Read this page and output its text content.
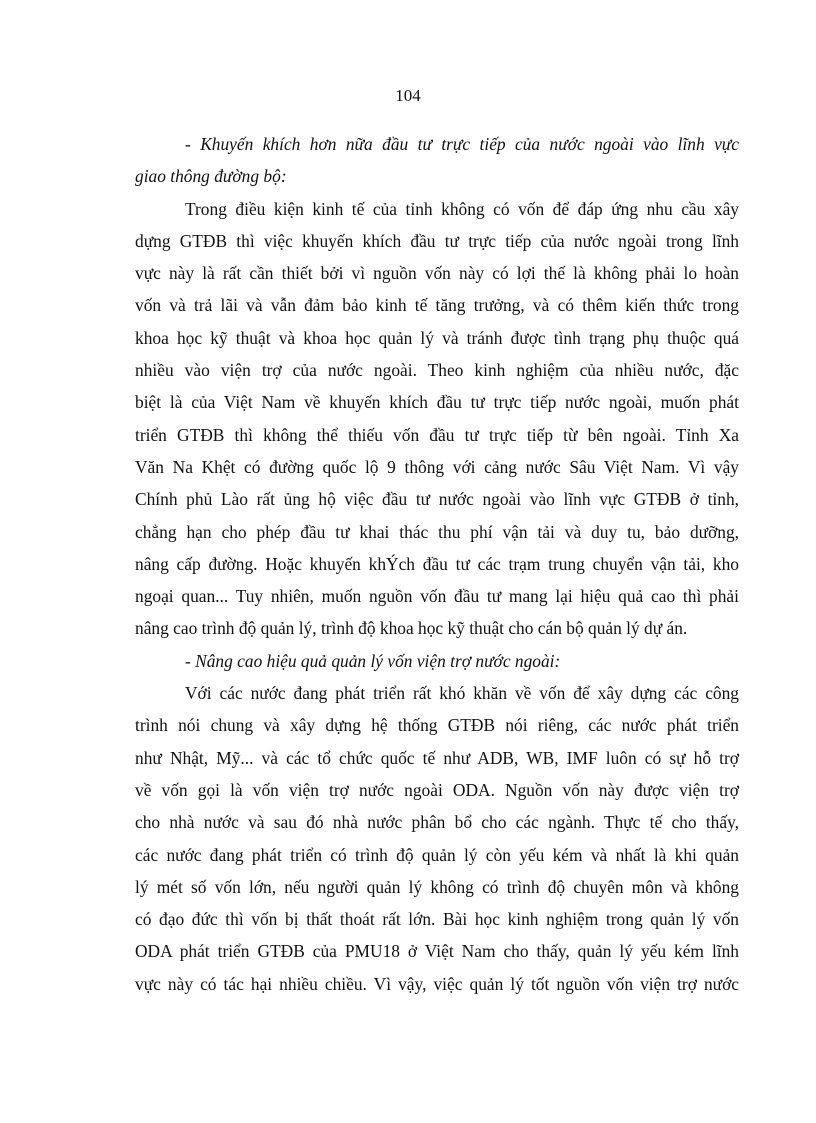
104

- Khuyến khích hơn nữa đầu tư trực tiếp của nước ngoài vào lĩnh vực
giao thông đường bộ:

Trong điều kiện kinh tế của tỉnh không có vốn để đáp ứng nhu cầu xây
dựng GTĐB thì việc khuyến khích đầu tư trực tiếp của nước ngoài trong lĩnh
vực này là rất cần thiết bởi vì nguồn vốn này có lợi thế là không phải lo hoàn
vốn và trả lãi và vẫn đảm bảo kinh tế tăng trưởng, và có thêm kiến thức trong
khoa học kỹ thuật và khoa học quản lý và tránh được tình trạng phụ thuộc quá
nhiều vào viện trợ của nước ngoài. Theo kinh nghiệm của nhiều nước, đặc
biệt là của Việt Nam về khuyến khích đầu tư trực tiếp nước ngoài, muốn phát
triển GTĐB thì không thể thiếu vốn đầu tư trực tiếp từ bên ngoài. Tỉnh Xa
Văn Na Khệt có đường quốc lộ 9 thông với cảng nước Sâu Việt Nam. Vì vậy
Chính phủ Lào rất ủng hộ việc đầu tư nước ngoài vào lĩnh vực GTĐB ở tỉnh,
chẳng hạn cho phép đầu tư khai thác thu phí vận tải và duy tu, bảo dưỡng,
nâng cấp đường. Hoặc khuyến khÝch đầu tư các trạm trung chuyển vận tải, kho
ngoại quan... Tuy nhiên, muốn nguồn vốn đầu tư mang lại hiệu quả cao thì phải
nâng cao trình độ quản lý, trình độ khoa học kỹ thuật cho cán bộ quản lý dự án.

- Nâng cao hiệu quả quản lý vốn viện trợ nước ngoài:

Với các nước đang phát triển rất khó khăn về vốn để xây dựng các công
trình nói chung và xây dựng hệ thống GTĐB nói riêng, các nước phát triển
như Nhật, Mỹ... và các tổ chức quốc tế như ADB, WB, IMF luôn có sự hỗ trợ
về vốn gọi là vốn viện trợ nước ngoài ODA. Nguồn vốn này được viện trợ
cho nhà nước và sau đó nhà nước phân bổ cho các ngành. Thực tế cho thấy,
các nước đang phát triển có trình độ quản lý còn yếu kém và nhất là khi quản
lý mét số vốn lớn, nếu người quản lý không có trình độ chuyên môn và không
có đạo đức thì vốn bị thất thoát rất lớn. Bài học kinh nghiệm trong quản lý vốn
ODA phát triển GTĐB của PMU18 ở Việt Nam cho thấy, quản lý yếu kém lĩnh
vực này có tác hại nhiều chiều. Vì vậy, việc quản lý tốt nguồn vốn viện trợ nước
